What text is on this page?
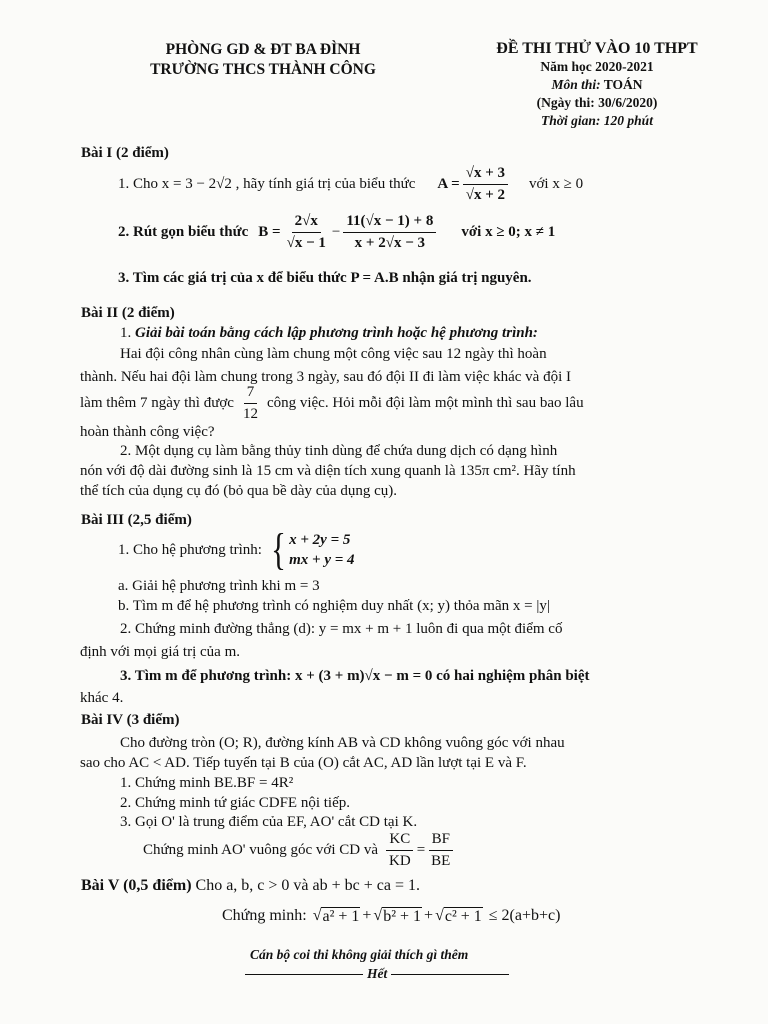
PHÒNG GD & ĐT BA ĐÌNH
TRƯỜNG THCS THÀNH CÔNG
ĐỀ THI THỬ VÀO 10 THPT
Năm học 2020-2021
Môn thi: TOÁN
(Ngày thi: 30/6/2020)
Thời gian: 120 phút
Bài I (2 điểm)
1. Cho x = 3 − 2√2 , hãy tính giá trị của biểu thức $A = \frac{√x + 3}{√x + 2}$ với x ≥ 0
2. Rút gọn biểu thức $B = \frac{2√x}{√x - 1} - \frac{11(√x - 1) + 8}{x + 2√x - 3}$ với x ≥ 0; x ≠ 1
3. Tìm các giá trị của x để biểu thức P = A.B nhận giá trị nguyên.
Bài II (2 điểm)
1. Giải bài toán bằng cách lập phương trình hoặc hệ phương trình:
Hai đội công nhân cùng làm chung một công việc sau 12 ngày thì hoàn
thành. Nếu hai đội làm chung trong 3 ngày, sau đó đội II đi làm việc khác và đội I
làm thêm 7 ngày thì được $\frac{7}{12}$ công việc. Hỏi mỗi đội làm một mình thì sau bao lâu
hoàn thành công việc?
2. Một dụng cụ làm bằng thủy tinh dùng để chứa dung dịch có dạng hình
nón với độ dài đường sinh là 15 cm và diện tích xung quanh là 135π cm². Hãy tính
thể tích của dụng cụ đó (bỏ qua bề dày của dụng cụ).
Bài III (2,5 điểm)
1. Cho hệ phương trình: { x + 2y = 5
mx + y = 4
a. Giải hệ phương trình khi m = 3
b. Tìm m để hệ phương trình có nghiệm duy nhất (x; y) thỏa mãn x = |y|
2. Chứng minh đường thẳng (d): y = mx + m + 1 luôn đi qua một điểm cố
định với mọi giá trị của m.
3. Tìm m để phương trình: x + (3 + m)√x − m = 0 có hai nghiệm phân biệt
khác 4.
Bài IV (3 điểm)
Cho đường tròn (O; R), đường kính AB và CD không vuông góc với nhau
sao cho AC < AD. Tiếp tuyến tại B của (O) cắt AC, AD lần lượt tại E và F.
1. Chứng minh BE.BF = 4R²
2. Chứng minh tứ giác CDFE nội tiếp.
3. Gọi O' là trung điểm của EF, AO' cắt CD tại K.
Chứng minh AO' vuông góc với CD và $\frac{KC}{KD} = \frac{BF}{BE}$
Bài V (0,5 điểm) Cho a, b, c > 0 và ab + bc + ca = 1.
Chứng minh: √ a² + 1 + √ b² + 1 + √ c² + 1 ≤ 2(a+b+c)
Cán bộ coi thi không giải thích gì thêm
Hết
